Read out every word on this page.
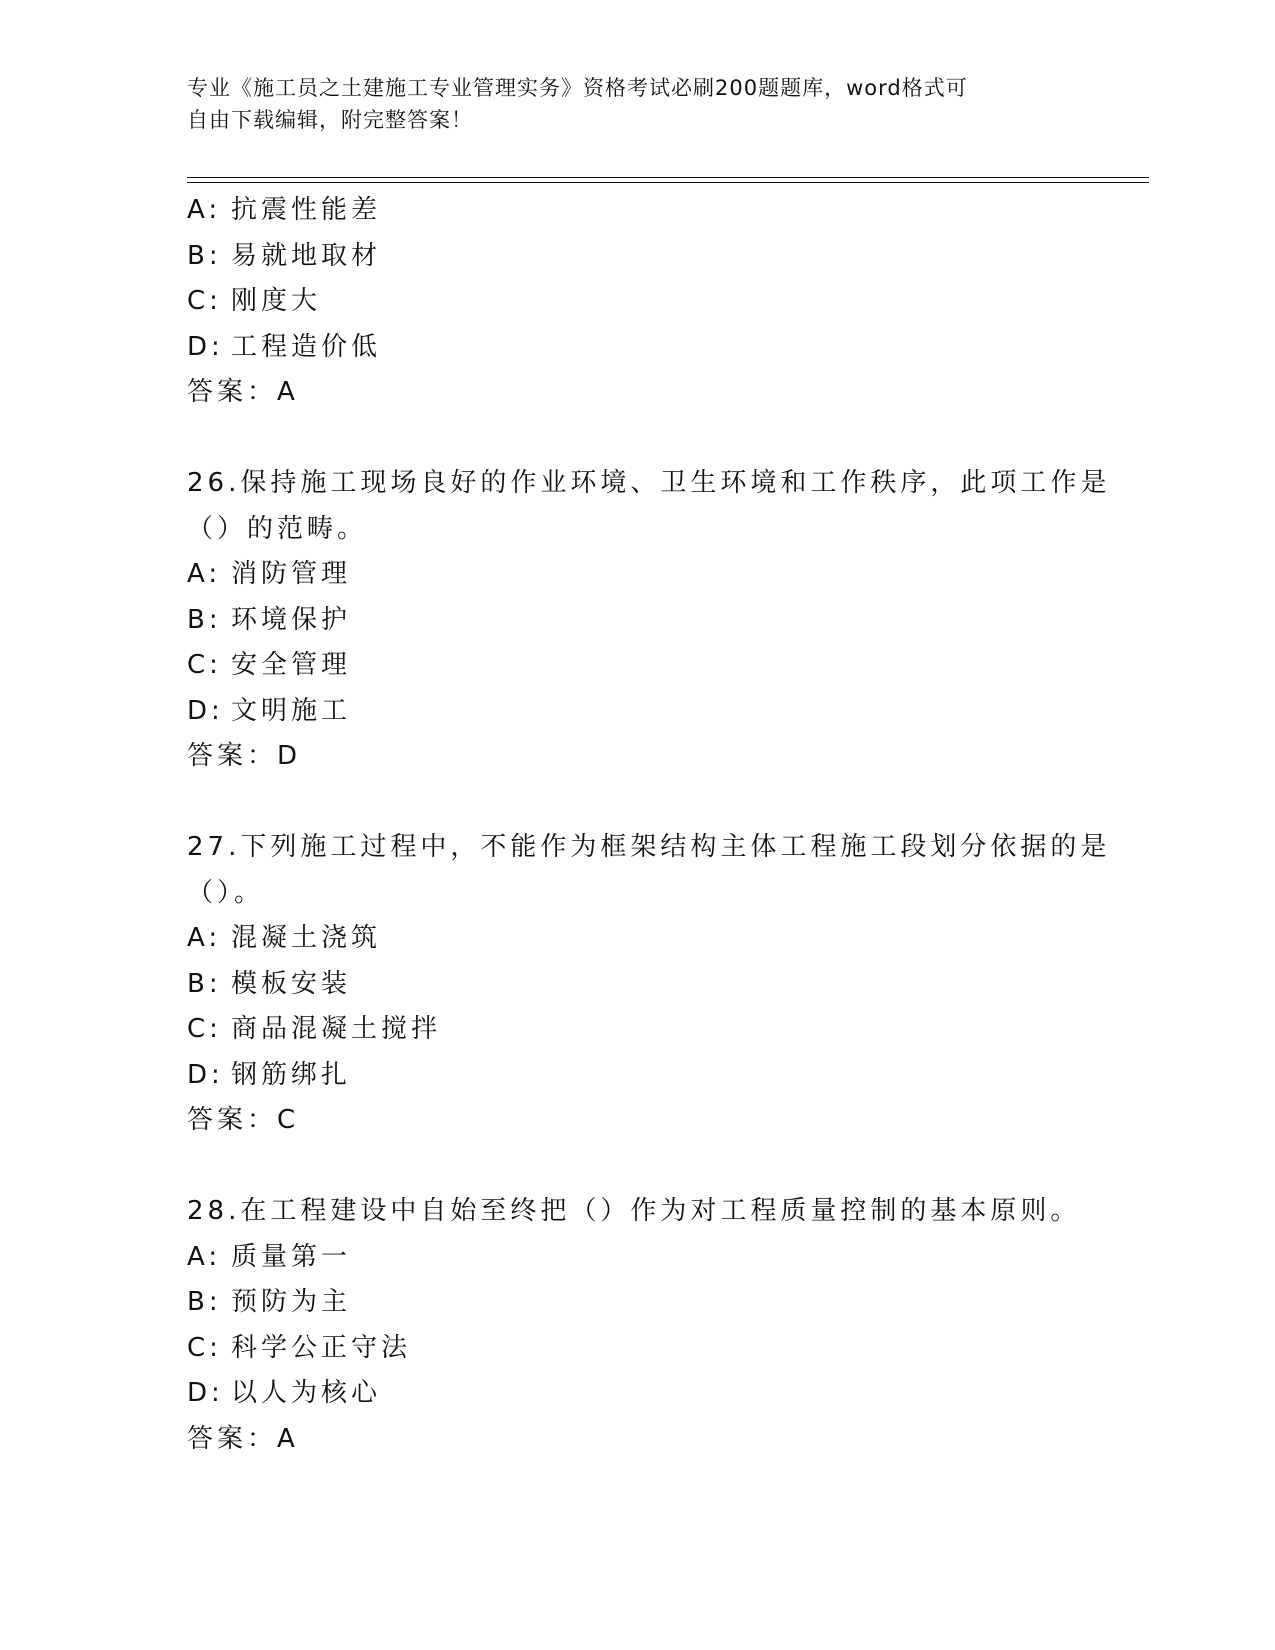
专业《施工员之土建施工专业管理实务》资格考试必刷200题题库，word格式可
自由下载编辑，附完整答案！
A: 抗震性能差
B: 易就地取材
C: 刚度大
D: 工程造价低
答案：A
26.保持施工现场良好的作业环境、卫生环境和工作秩序，此项工作是
（）的范畴。
A: 消防管理
B: 环境保护
C: 安全管理
D: 文明施工
答案：D
27.下列施工过程中，不能作为框架结构主体工程施工段划分依据的是
（）。
A: 混凝土浇筑
B: 模板安装
C: 商品混凝土搅拌
D: 钢筋绑扎
答案：C
28.在工程建设中自始至终把（）作为对工程质量控制的基本原则。
A: 质量第一
B: 预防为主
C: 科学公正守法
D: 以人为核心
答案：A
